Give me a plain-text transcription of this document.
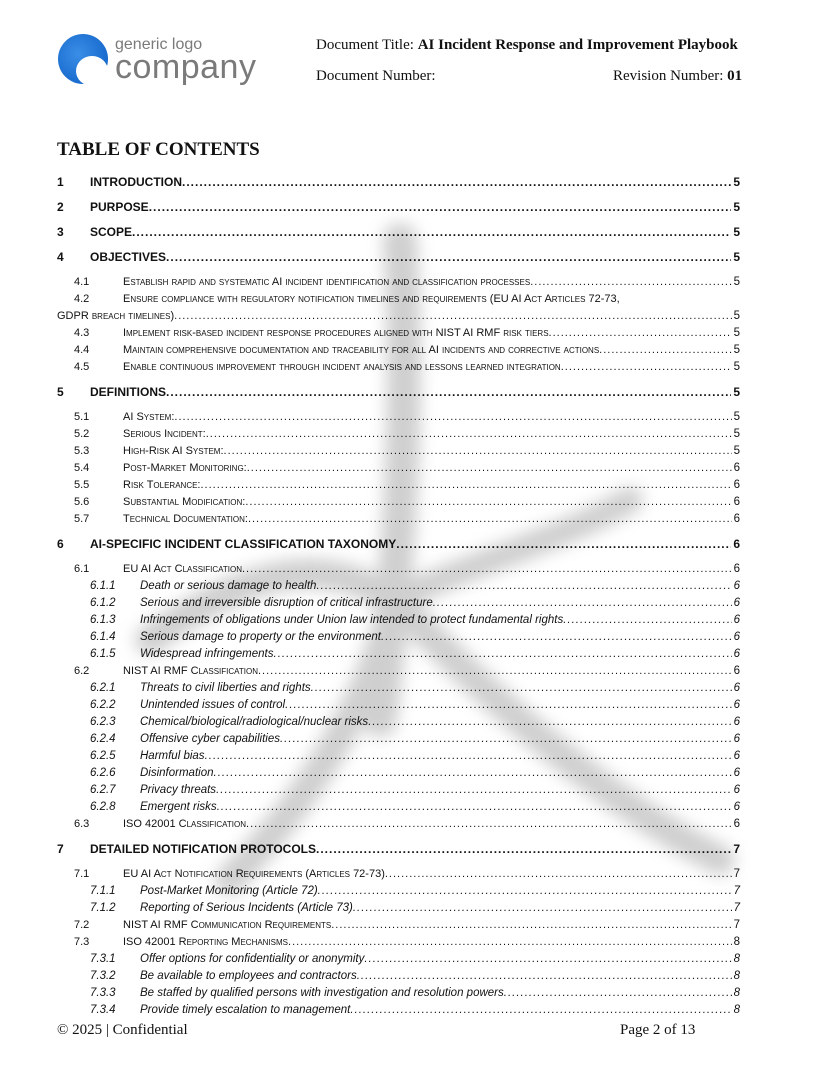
generic logo
company
Document Title: AI Incident Response and Improvement Playbook
Document Number:	Revision Number: 01
TABLE OF CONTENTS
1	INTRODUCTION .....	5
2	PURPOSE .....	5
3	SCOPE .....	5
4	OBJECTIVES .....	5
4.1	Establish rapid and systematic AI incident identification and classification processes .....	5
4.2	Ensure compliance with regulatory notification timelines and requirements (EU AI Act Articles 72-73,
GDPR breach timelines) .....	5
4.3	Implement risk-based incident response procedures aligned with NIST AI RMF risk tiers .....	5
4.4	Maintain comprehensive documentation and traceability for all AI incidents and corrective actions .....	5
4.5	Enable continuous improvement through incident analysis and lessons learned integration .....	5
5	DEFINITIONS .....	5
5.1	AI System: .....	5
5.2	Serious Incident: .....	5
5.3	High-Risk AI System: .....	5
5.4	Post-Market Monitoring: .....	6
5.5	Risk Tolerance: .....	6
5.6	Substantial Modification: .....	6
5.7	Technical Documentation: .....	6
6	AI-SPECIFIC INCIDENT CLASSIFICATION TAXONOMY .....	6
6.1	EU AI Act Classification .....	6
6.1.1	Death or serious damage to health .....	6
6.1.2	Serious and irreversible disruption of critical infrastructure .....	6
6.1.3	Infringements of obligations under Union law intended to protect fundamental rights .....	6
6.1.4	Serious damage to property or the environment .....	6
6.1.5	Widespread infringements .....	6
6.2	NIST AI RMF Classification .....	6
6.2.1	Threats to civil liberties and rights .....	6
6.2.2	Unintended issues of control .....	6
6.2.3	Chemical/biological/radiological/nuclear risks .....	6
6.2.4	Offensive cyber capabilities .....	6
6.2.5	Harmful bias .....	6
6.2.6	Disinformation .....	6
6.2.7	Privacy threats .....	6
6.2.8	Emergent risks .....	6
6.3	ISO 42001 Classification .....	6
7	DETAILED NOTIFICATION PROTOCOLS .....	7
7.1	EU AI Act Notification Requirements (Articles 72-73) .....	7
7.1.1	Post-Market Monitoring (Article 72) .....	7
7.1.2	Reporting of Serious Incidents (Article 73) .....	7
7.2	NIST AI RMF Communication Requirements .....	7
7.3	ISO 42001 Reporting Mechanisms .....	8
7.3.1	Offer options for confidentiality or anonymity .....	8
7.3.2	Be available to employees and contractors .....	8
7.3.3	Be staffed by qualified persons with investigation and resolution powers .....	8
7.3.4	Provide timely escalation to management .....	8
© 2025 | Confidential	Page 2 of 13
